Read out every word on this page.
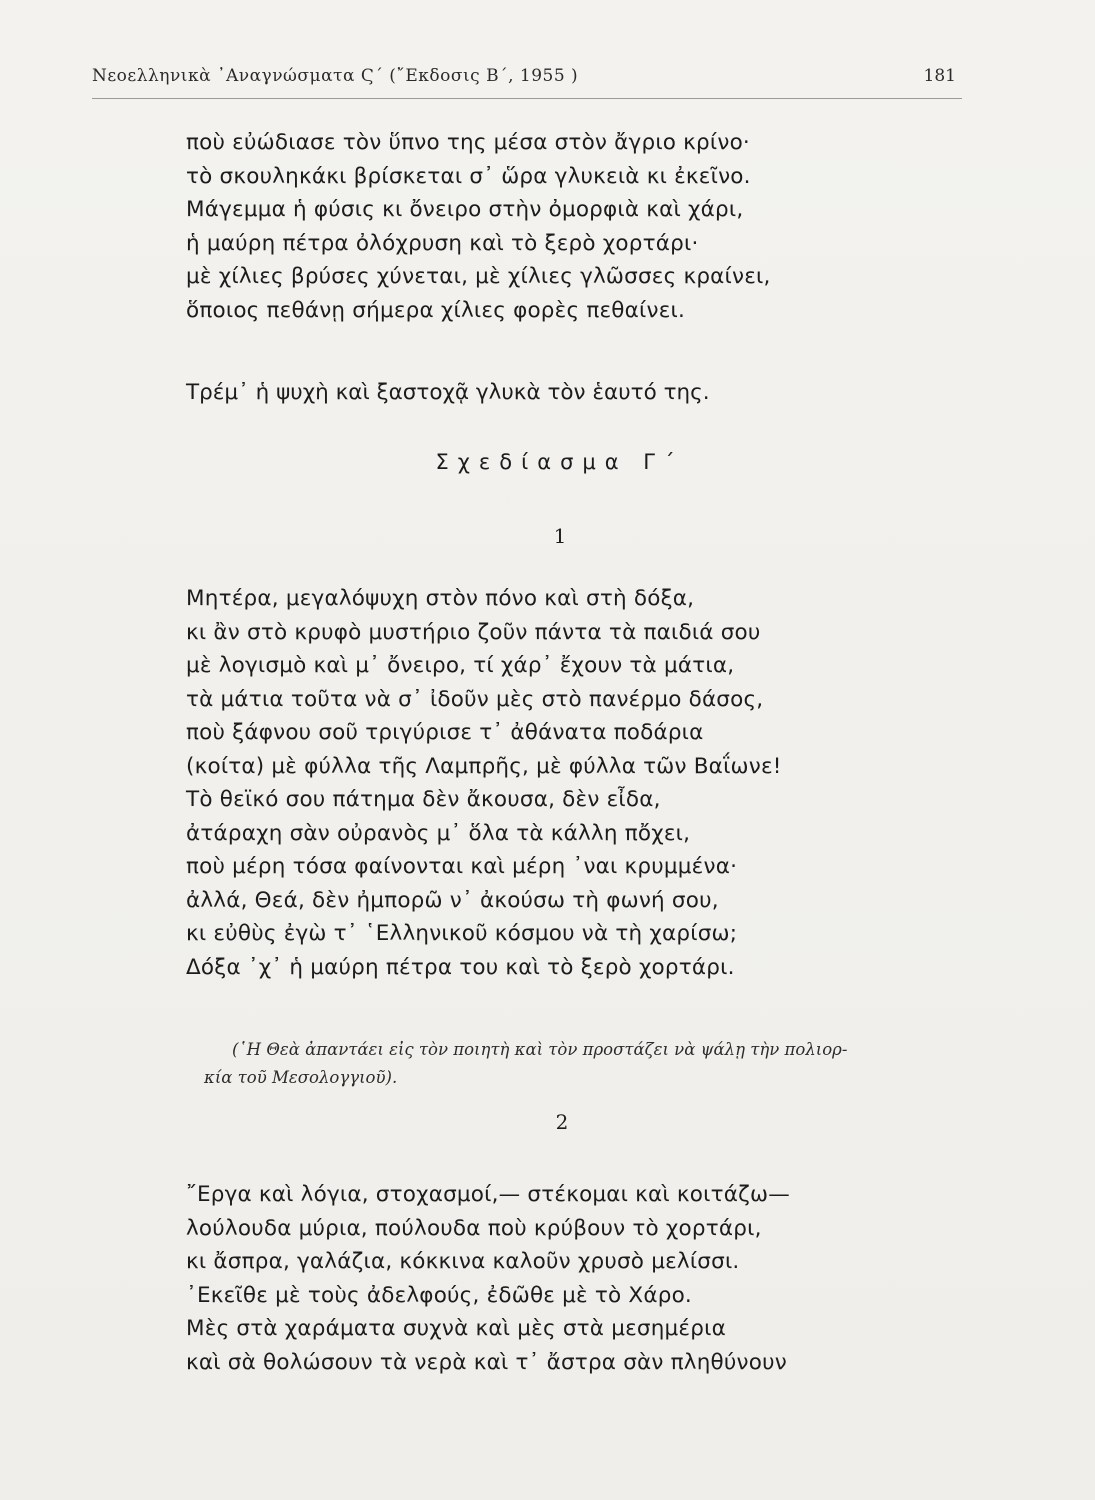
Νεοελληνικὰ ᾿Αναγνώσματα Ϛ΄ (῎Εκδοσις Β΄, 1955 )	181
ποὺ εὐώδιασε τὸν ὕπνο της μέσα στὸν ἄγριο κρίνο·
τὸ σκουληκάκι βρίσκεται σ᾿ ὥρα γλυκειὰ κι ἐκεῖνο.
Μάγεμμα ἡ φύσις κι ὄνειρο στὴν ὀμορφιὰ καὶ χάρι,
ἡ μαύρη πέτρα ὀλόχρυση καὶ τὸ ξερὸ χορτάρι·
μὲ χίλιες βρύσες χύνεται, μὲ χίλιες γλῶσσες κραίνει,
ὅποιος πεθάνῃ σήμερα χίλιες φορὲς πεθαίνει.
Τρέμ᾿ ἡ ψυχὴ καὶ ξαστοχᾷ γλυκὰ τὸν ἑαυτό της.
Σχεδίασμα Γ΄
1
Μητέρα, μεγαλόψυχη στὸν πόνο καὶ στὴ δόξα,
κι ἂν στὸ κρυφὸ μυστήριο ζοῦν πάντα τὰ παιδιά σου
μὲ λογισμὸ καὶ μ᾿ ὄνειρο, τί χάρ᾿ ἔχουν τὰ μάτια,
τὰ μάτια τοῦτα νὰ σ᾿ ἰδοῦν μὲς στὸ πανέρμο δάσος,
ποὺ ξάφνου σοῦ τριγύρισε τ᾿ ἀθάνατα ποδάρια
(κοίτα) μὲ φύλλα τῆς Λαμπρῆς, μὲ φύλλα τῶν Βαΐωνε!
Τὸ θεϊκό σου πάτημα δὲν ἄκουσα, δὲν εἶδα,
ἀτάραχη σὰν οὐρανὸς μ᾿ ὅλα τὰ κάλλη πὄχει,
ποὺ μέρη τόσα φαίνονται καὶ μέρη ᾿ναι κρυμμένα·
ἀλλά, Θεά, δὲν ἠμπορῶ ν᾿ ἀκούσω τὴ φωνή σου,
κι εὐθὺς ἐγὼ τ᾿ ῾Ελληνικοῦ κόσμου νὰ τὴ χαρίσω;
Δόξα ᾿χ᾿ ἡ μαύρη πέτρα του καὶ τὸ ξερὸ χορτάρι.
(῾Η Θεὰ ἀπαντάει εἰς τὸν ποιητὴ καὶ τὸν προστάζει νὰ ψάλῃ τὴν πολιορ-
κία τοῦ Μεσολογγιοῦ).
2
῎Εργα καὶ λόγια, στοχασμοί,— στέκομαι καὶ κοιτάζω—
λούλουδα μύρια, πούλουδα ποὺ κρύβουν τὸ χορτάρι,
κι ἄσπρα, γαλάζια, κόκκινα καλοῦν χρυσὸ μελίσσι.
᾿Εκεῖθε μὲ τοὺς ἀδελφούς, ἐδῶθε μὲ τὸ Χάρο.
Μὲς στὰ χαράματα συχνὰ καὶ μὲς στὰ μεσημέρια
καὶ σὰ θολώσουν τὰ νερὰ καὶ τ᾿ ἄστρα σὰν πληθύνουν
